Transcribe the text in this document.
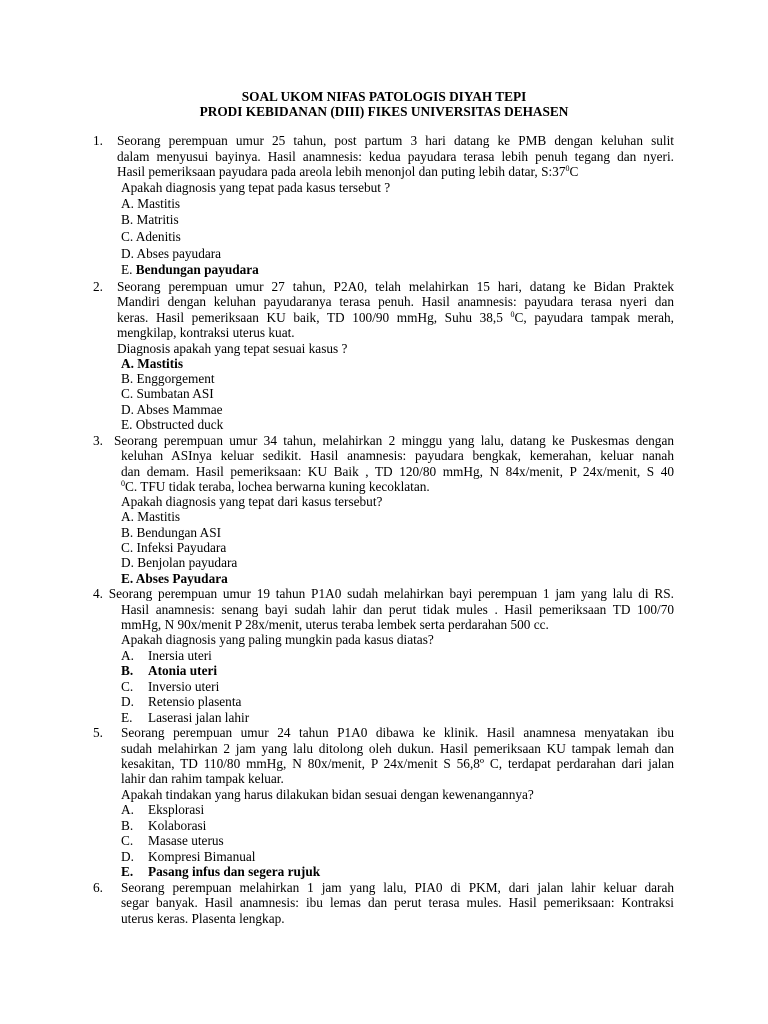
SOAL UKOM NIFAS PATOLOGIS DIYAH TEPI
PRODI KEBIDANAN (DIII) FIKES UNIVERSITAS DEHASEN
1. Seorang perempuan umur 25 tahun, post partum 3 hari datang ke PMB dengan keluhan sulit
dalam menyusui bayinya. Hasil anamnesis: kedua payudara terasa lebih penuh tegang dan nyeri.
Hasil pemeriksaan payudara pada areola lebih menonjol dan puting lebih datar, $S:37^0C$
Apakah diagnosis yang tepat pada kasus tersebut ?
A. Mastitis
B. Matritis
C. Adenitis
D. Abses payudara
E. Bendungan payudara
2. Seorang perempuan umur 27 tahun, P2A0, telah melahirkan 15 hari, datang ke Bidan Praktek
Mandiri dengan keluhan payudaranya terasa penuh. Hasil anamnesis: payudara terasa nyeri dan
keras. Hasil pemeriksaan KU baik, TD 100/90 mmHg, Suhu 38,5 $^0$C, payudara tampak merah,
mengkilap, kontraksi uterus kuat.
Diagnosis apakah yang tepat sesuai kasus ?
A. Mastitis
B. Enggorgement
C. Sumbatan ASI
D. Abses Mammae
E. Obstructed duck
3. Seorang perempuan umur 34 tahun, melahirkan 2 minggu yang lalu, datang ke Puskesmas dengan
keluhan ASInya keluar sedikit. Hasil anamnesis: payudara bengkak, kemerahan, keluar nanah
dan demam. Hasil pemeriksaan: KU Baik , TD 120/80 mmHg, N 84x/menit, P 24x/menit, S 40
$^0$C. TFU tidak teraba, lochea berwarna kuning kecoklatan.
Apakah diagnosis yang tepat dari kasus tersebut?
A. Mastitis
B. Bendungan ASI
C. Infeksi Payudara
D. Benjolan payudara
E. Abses Payudara
4. Seorang perempuan umur 19 tahun P1A0 sudah melahirkan bayi perempuan 1 jam yang lalu di RS.
Hasil anamnesis: senang bayi sudah lahir dan perut tidak mules . Hasil pemeriksaan TD 100/70
mmHg, N 90x/menit P 28x/menit, uterus teraba lembek serta perdarahan 500 cc.
Apakah diagnosis yang paling mungkin pada kasus diatas?
A. Inersia uteri
B. Atonia uteri
C. Inversio uteri
D. Retensio plasenta
E. Laserasi jalan lahir
5. Seorang perempuan umur 24 tahun P1A0 dibawa ke klinik. Hasil anamnesa menyatakan ibu
sudah melahirkan 2 jam yang lalu ditolong oleh dukun. Hasil pemeriksaan KU tampak lemah dan
kesakitan, TD 110/80 mmHg, N 80x/menit, P 24x/menit S 56,8º C, terdapat perdarahan dari jalan
lahir dan rahim tampak keluar.
Apakah tindakan yang harus dilakukan bidan sesuai dengan kewenangannya?
A. Eksplorasi
B. Kolaborasi
C. Masase uterus
D. Kompresi Bimanual
E. Pasang infus dan segera rujuk
6. Seorang perempuan melahirkan 1 jam yang lalu, PIA0 di PKM, dari jalan lahir keluar darah
segar banyak. Hasil anamnesis: ibu lemas dan perut terasa mules. Hasil pemeriksaan: Kontraksi
uterus keras. Plasenta lengkap.
